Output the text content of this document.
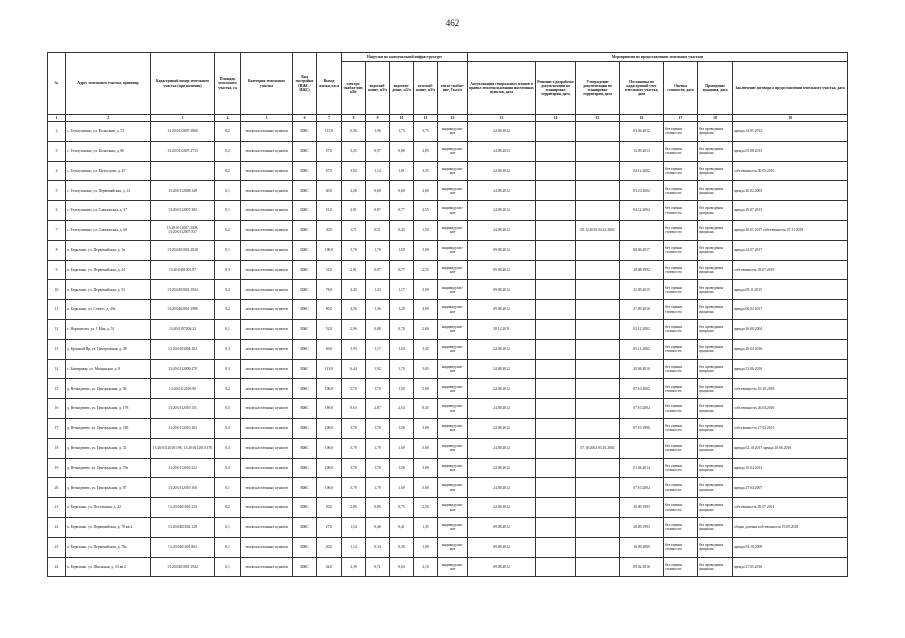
462
№	Адрес земельного участка, ориентир	Кадастровый номер земельного участка (при наличии)	Площадь земельного участка, га	Категория земельного участка	Вид постройки (ИЖС / ИЖС)	Выход жилья, кв.м	Нагрузки по коммунальной инфраструктуре					Мероприятия по предоставлению земельных участков						
							электро-снабже-ние, кВт	водоснаб-жение, м3/ч	водоотве-дение, м3/ч	газоснаб-жение, м3/ч	тепло-снабже-ние, Гкал/ч	Актуализация генеральных планов и правил землепользования населенных пунктов, дата	Решение о разработке документации по планировке территории, дата	Утверждение документации по планировке территории, дата	Постановка на кадастровый учет земельного участка, дата	Оценка стоимости, дата	Проведение аукциона, дата	Заключение договора о предоставлении земельного участка, дата
1	2	3	4	5	6	7	8	9	10	11	12	13	14	15	16	17	18	19
2	с. Тельтушкино, ул. Колхозная, д. 74	13:20:0112007:1860	0,2	земли населенных пунктов	ИЖС	115,0	6,56	1,96	1,73	5,75	индивидуаль-ное	24.08.2012			03.04.2012	без оценки стоимости	без проведения аукциона	аренда 14.05.2012
3	с. Тельтушкино, ул. Колхозная, д. 80	13:20:0112007:2753	0,2	земли населенных пунктов	ИЖС	57,0	3,25	0,97	0,86	2,85	индивидуаль-ное	24.08.2013			14.09.2013	без оценки стоимости	без проведения аукциона	аренда 05.08.2013
4	с. Тельтушкино, ул. Мухоедова, д. 47		0,2	земли населенных пунктов	ИЖС	67,0	3,82	1,14	1,01	3,35	индивидуаль-ное	24.08.2012			04.12.2002	без оценки стоимости	без проведения аукциона	собственность 30.05.2016
5	с. Тельтушкино, ул. Первомайская, д. 14	13:20:0112008:148	0,1	земли населенных пунктов	ИЖС	40,0	2,28	0,68	0,60	2,00	индивидуаль-ное	24.08.2012			03.10.2002	без оценки стоимости	без проведения аукциона	аренда 20.02.2003
6	с. Тельтушкино, ул. Саказовская, д. 37	13:20:0112007:382	0,1	земли населенных пунктов	ИЖС	51,0	2,91	0,87	0,77	2,55	индивидуаль-ное	24.08.2012			04.12.2002	без оценки стоимости	без проведения аукциона	аренда 29.07.2013
7	с. Тельтушкино, ул. Саказовская, д. 60	13:20:0112007:3308, 13:20:0112007:517	0,2	земли населенных пунктов	ИЖС	30,0	1,71	0,51	0,45	1,50	индивидуаль-ное	24.08.2012		05.12.2016 04.12.2002		без оценки стоимости	без проведения аукциона	аренда 10.01.2017 собственность 07.11.2019
8	п. Бериэшко, ул. Первомайская, д. 1в	13:20:0401001:2028	0,1	земли населенных пунктов	ИЖС	100,0	5,70	1,70	1,50	5,00	индивидуаль-ное	09.08.2012			08.06.2017	без оценки стоимости	без проведения аукциона	аренда 24.07.2017
9	п. Бериэшко, ул. Первомайская, д. 44	13:20:0401001:87	0,3	земли населенных пунктов	ИЖС	51,0	2,91	0,87	0,77	2,55	индивидуаль-ное	09.08.2012			20.08.1992	без оценки стоимости	без проведения аукциона	собственность 03.07.2019
10	п. Бериэшко, ул. Первомайская, д. 53	13:20:0403001:1924	0,2	земли населенных пунктов	ИЖС	78,0	4,45	1,33	1,17	3,90	индивидуаль-ное	09.08.2012			22.09.2015	без оценки стоимости	без проведения аукциона	аренда 09.11.2015
11	п. Бериэшко, ул. Совхоз, д. 49а	13:20:0402001:1986	0,2	земли населенных пунктов	ИЖС	80,0	4,56	1,36	1,20	4,00	индивидуаль-ное	09.08.2012			27.09.2016	без оценки стоимости	без проведения аукциона	аренда 06.02.2017
12	с. Нарзматова, ул. 1 Мая, д. 51	13:20:0107004:22	0,1	земли населенных пунктов	ИЖС	52,0	2,96	0,88	0,78	2,60	индивидуаль-ное	30.12.2011			02.12.2002	без оценки стоимости	без проведения аукциона	аренда 16.08.2004
13	д. Красный Яр, ул. Центральная, д. 49	13:20:0103004:102	0,3	земли населенных пунктов	ИЖС	69,0	3,93	1,17	1,04	3,45	индивидуаль-ное	24.08.2012			05.11.2002	без оценки стоимости	без проведения аукциона	аренда 28.04.2016
14	с. Бишарикау, ул. Мещанская, д. 8	13:20:0112009:278	0,3	земли населенных пунктов	ИЖС	113,0	6,44	1,92	1,70	5,65	индивидуаль-ное	24.08.2012			29.04.2016	без оценки стоимости	без проведения аукциона	аренда 23.06.2016
15	д. Вечкадюево, ул. Центральная, д. 36	13:20:0112010:90	0,2	земли населенных пунктов	ИЖС	100,0	5,70	1,70	1,50	5,00	индивидуаль-ное	24.08.2012			07.10.2002	без оценки стоимости	без проведения аукциона	собственность 16.10.2018
16	д. Вечкадюево, ул. Центральная, д. 178	13:20:0112010:131	0,5	земли населенных пунктов	ИЖС	169,0	9,63	2,87	2,54	8,45	индивидуаль-ное	24.08.2012			07.10.2002	без оценки стоимости	без проведения аукциона	собственность 26.04.2016
17	д. Вечкадюево, ул. Центральная, д. 189	13:20:0112010:163	0,3	земли населенных пунктов	ИЖС	100,0	5,70	1,70	1,50	5,00	индивидуаль-ное	24.08.2012			07.10.1996	без оценки стоимости	без проведения аукциона	собственность 17.03.2015
18	д. Вечкадюево, ул. Центральная, д. 31	13:20:0112010:196, 13:20:0112010:176	0,3	земли населенных пунктов	ИЖС	100,0	5,70	1,70	1,50	5,00	индивидуаль-ное	24.08.2012		07.10.2002 03.10.2002		без оценки стоимости	без проведения аукциона	аренда 02.10.2017 аренда 10.06.2016
19	д. Вечкадюево, ул. Центральная, д. 79а	13:20:0112010:322	0,3	земли населенных пунктов	ИЖС	100,0	5,70	1,70	1,50	5,00	индивидуаль-ное	24.08.2012			01.04.2014	без оценки стоимости	без проведения аукциона	аренда 15.04.2014
20	д. Вечкадюево, ул. Центральная, д. 87	13:20:0112010:160	0,1	земли населенных пунктов	ИЖС	100,0	5,70	1,70	1,50	5,00	индивидуаль-ное	24.08.2012			07.10.2002	без оценки стоимости	без проведения аукциона	аренда 27.04.2007
21	п. Бериэшко, ул. Поселковая, д. 22	13:20:0401001:210	0,2	земли населенных пунктов	ИЖС	50,0	2,85	0,85	0,75	2,50	индивидуаль-ное	24.08.2012			20.09.1993	без оценки стоимости	без проведения аукциона	собственность 05.07.2014
22	п. Бериэшко, ул. Первомайская, д. 70 кв.2	13:20:0401001:128	0,1	земли населенных пунктов	ИЖС	27,0	1,54	0,46	0,41	1,35	индивидуаль-ное	09.08.2012			20.09.1993	без оценки стоимости	без проведения аукциона	общая долевая собственность 19.09.2018
23	п. Бериэшко, ул. Первомайская, д. 78а	13:20:0401001:802	0,1	земли населенных пунктов	ИЖС	20,0	1,14	0,34	0,30	1,00	индивидуаль-ное	09.08.2012			16.09.2009	без оценки стоимости	без проведения аукциона	аренда 03.10.2009
24	п. Бериэшко, ул. Школьная, д. 33 кв.2	13:20:0401001:1942	0,1	земли населенных пунктов	ИЖС	42,0	2,39	0,71	0,63	2,10	индивидуаль-ное	09.08.2012			09.02.2016	без оценки стоимости	без проведения аукциона	аренда 27.05.2016
